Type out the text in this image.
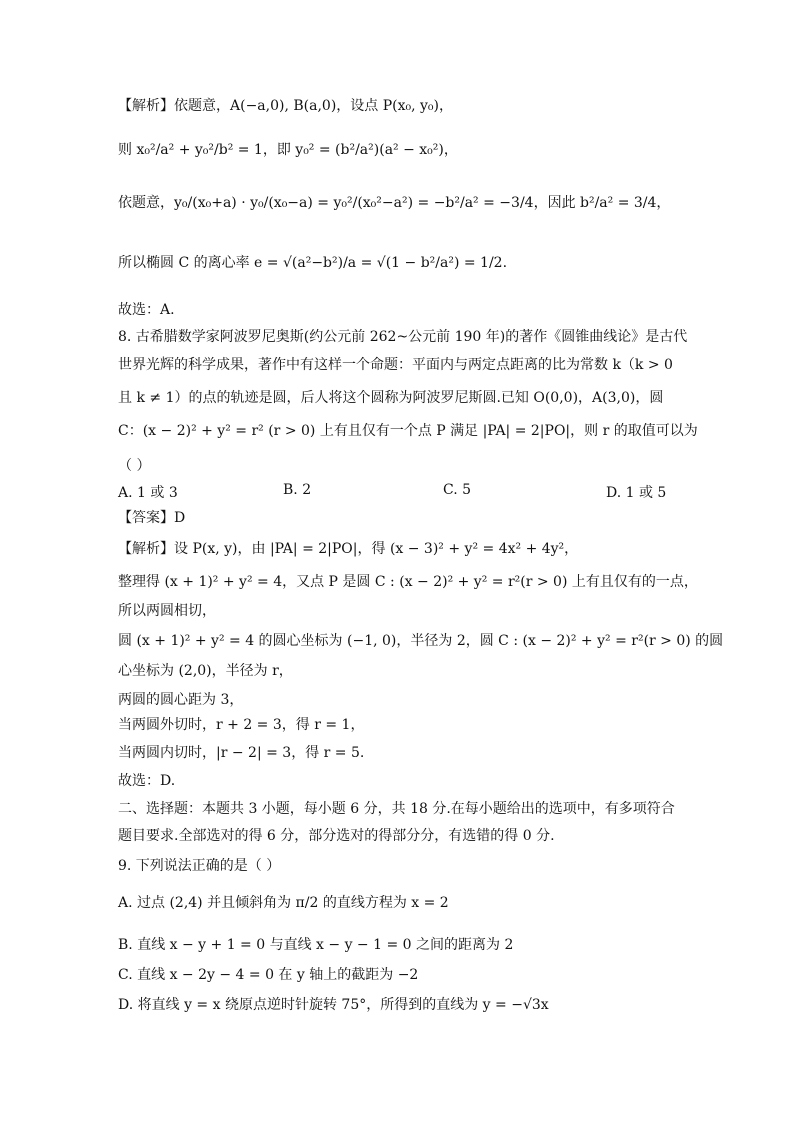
【解析】依题意，A(−a,0), B(a,0)，设点 P(x₀, y₀)，
则 x₀²/a² + y₀²/b² = 1，即 y₀² = (b²/a²)(a² − x₀²)，
依题意，y₀/(x₀+a) · y₀/(x₀−a) = y₀²/(x₀²−a²) = −b²/a² = −3/4，因此 b²/a² = 3/4，
所以椭圆 C 的离心率 e = √(a²−b²)/a = √(1 − b²/a²) = 1/2.
故选：A.
8. 古希腊数学家阿波罗尼奥斯(约公元前 262~公元前 190 年)的著作《圆锥曲线论》是古代
世界光辉的科学成果，著作中有这样一个命题：平面内与两定点距离的比为常数 k（k > 0
且 k ≠ 1）的点的轨迹是圆，后人将这个圆称为阿波罗尼斯圆.已知 O(0,0)，A(3,0)，圆
C：(x − 2)² + y² = r² (r > 0) 上有且仅有一个点 P 满足 |PA| = 2|PO|，则 r 的取值可以为
（ ）
A. 1 或 3	B. 2	C. 5	D. 1 或 5
【答案】D
【解析】设 P(x, y)，由 |PA| = 2|PO|，得 (x − 3)² + y² = 4x² + 4y²，
整理得 (x + 1)² + y² = 4，又点 P 是圆 C : (x − 2)² + y² = r²(r > 0) 上有且仅有的一点，
所以两圆相切，
圆 (x + 1)² + y² = 4 的圆心坐标为 (−1, 0)，半径为 2，圆 C : (x − 2)² + y² = r²(r > 0) 的圆
心坐标为 (2,0)，半径为 r，
两圆的圆心距为 3，
当两圆外切时，r + 2 = 3，得 r = 1，
当两圆内切时，|r − 2| = 3，得 r = 5.
故选：D.
二、选择题：本题共 3 小题，每小题 6 分，共 18 分.在每小题给出的选项中，有多项符合
题目要求.全部选对的得 6 分，部分选对的得部分分，有选错的得 0 分.
9. 下列说法正确的是（ ）
A. 过点 (2,4) 并且倾斜角为 π/2 的直线方程为 x = 2
B. 直线 x − y + 1 = 0 与直线 x − y − 1 = 0 之间的距离为 2
C. 直线 x − 2y − 4 = 0 在 y 轴上的截距为 −2
D. 将直线 y = x 绕原点逆时针旋转 75°，所得到的直线为 y = −√3x
